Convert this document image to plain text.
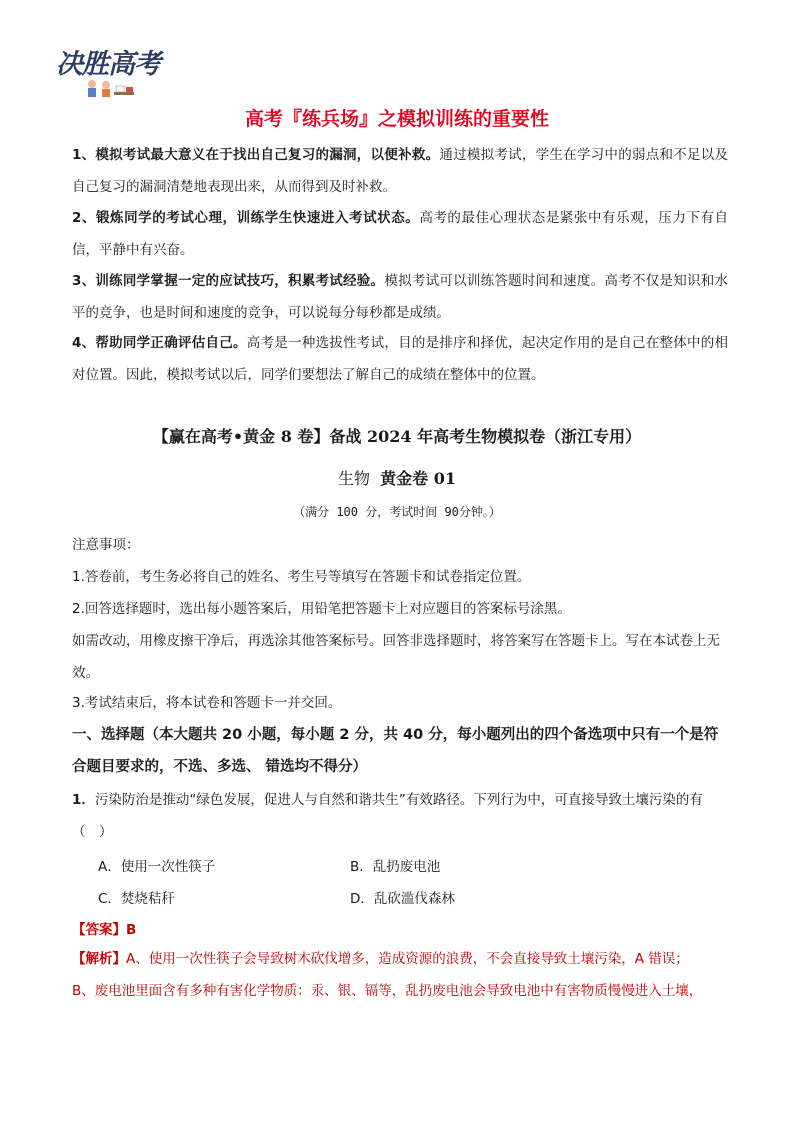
决胜高考
高考『练兵场』之模拟训练的重要性
1、模拟考试最大意义在于找出自己复习的漏洞，以便补救。通过模拟考试，学生在学习中的弱点和不足以及自己复习的漏洞清楚地表现出来，从而得到及时补救。
2、锻炼同学的考试心理，训练学生快速进入考试状态。高考的最佳心理状态是紧张中有乐观，压力下有自信，平静中有兴奋。
3、训练同学掌握一定的应试技巧，积累考试经验。模拟考试可以训练答题时间和速度。高考不仅是知识和水平的竞争，也是时间和速度的竞争，可以说每分每秒都是成绩。
4、帮助同学正确评估自己。高考是一种选拔性考试，目的是排序和择优，起决定作用的是自己在整体中的相对位置。因此，模拟考试以后，同学们要想法了解自己的成绩在整体中的位置。
【赢在高考•黄金 8 卷】备战 2024 年高考生物模拟卷（浙江专用）
生物 黄金卷 01
（满分 100 分，考试时间 90分钟。）
注意事项：
1.答卷前，考生务必将自己的姓名、考生号等填写在答题卡和试卷指定位置。
2.回答选择题时，选出每小题答案后，用铅笔把答题卡上对应题目的答案标号涂黑。
如需改动，用橡皮擦干净后，再选涂其他答案标号。回答非选择题时，将答案写在答题卡上。写在本试卷上无效。
3.考试结束后，将本试卷和答题卡一并交回。
一、选择题（本大题共 20 小题，每小题 2 分，共 40 分，每小题列出的四个备选项中只有一个是符合题目要求的，不选、多选、 错选均不得分）
1．污染防治是推动“绿色发展，促进人与自然和谐共生”有效路径。下列行为中，可直接导致土壤污染的有（　）
A．使用一次性筷子	B．乱扔废电池
C．焚烧秸秆	D．乱砍滥伐森林
【答案】B
【解析】A、使用一次性筷子会导致树木砍伐增多，造成资源的浪费，不会直接导致土壤污染，A 错误；
B、废电池里面含有多种有害化学物质：汞、银、镉等，乱扔废电池会导致电池中有害物质慢慢进入土壤，
